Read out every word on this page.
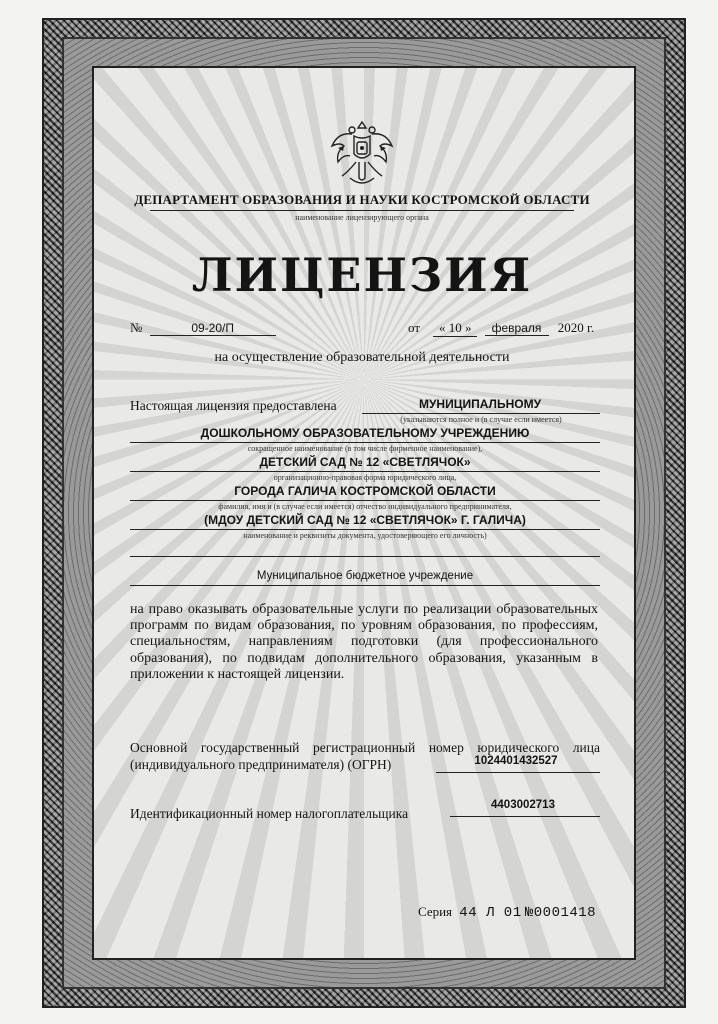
ДЕПАРТАМЕНТ ОБРАЗОВАНИЯ И НАУКИ КОСТРОМСКОЙ ОБЛАСТИ
наименование лицензирующего органа
ЛИЦЕНЗИЯ
№	09-20/П	от « 10 » февраля 2020 г.
на осуществление образовательной деятельности
Настоящая лицензия предоставлена	МУНИЦИПАЛЬНОМУ
(указываются полное и (в случае если имеется)
ДОШКОЛЬНОМУ ОБРАЗОВАТЕЛЬНОМУ УЧРЕЖДЕНИЮ
сокращенное наименование (в том числе фирменное наименование),
ДЕТСКИЙ САД № 12 «СВЕТЛЯЧОК»
организационно-правовая форма юридического лица,
ГОРОДА ГАЛИЧА КОСТРОМСКОЙ ОБЛАСТИ
фамилия, имя и (в случае если имеется) отчество индивидуального предпринимателя,
(МДОУ ДЕТСКИЙ САД № 12 «СВЕТЛЯЧОК» Г. ГАЛИЧА)
наименование и реквизиты документа, удостоверяющего его личность)
Муниципальное бюджетное учреждение
на право оказывать образовательные услуги по реализации образовательных программ по видам образования, по уровням образования, по профессиям, специальностям, направлениям подготовки (для профессионального образования), по подвидам дополнительного образования, указанным в приложении к настоящей лицензии.
Основной государственный регистрационный номер юридического лица
(индивидуального предпринимателя) (ОГРН)	1024401432527
Идентификационный номер налогоплательщика
4403002713
Серия 44 Л 01 №0001418
